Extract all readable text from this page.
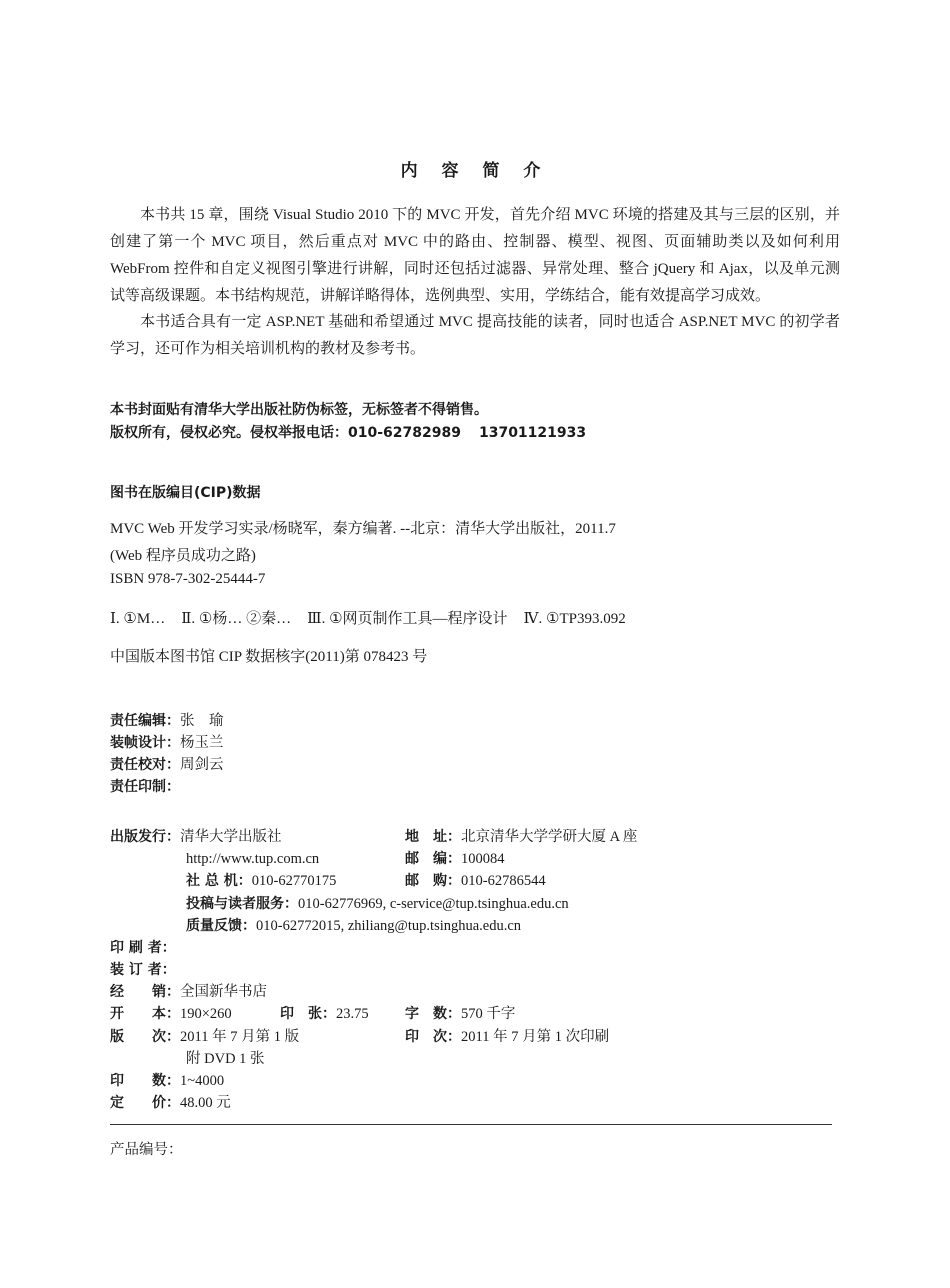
内 容 简 介

本书共 15 章，围绕 Visual Studio 2010 下的 MVC 开发，首先介绍 MVC 环境的搭建及其与三层的区别，并创建了第一个 MVC 项目，然后重点对 MVC 中的路由、控制器、模型、视图、页面辅助类以及如何利用 WebFrom 控件和自定义视图引擎进行讲解，同时还包括过滤器、异常处理、整合 jQuery 和 Ajax，以及单元测试等高级课题。本书结构规范，讲解详略得体，选例典型、实用，学练结合，能有效提高学习成效。

本书适合具有一定 ASP.NET 基础和希望通过 MVC 提高技能的读者，同时也适合 ASP.NET MVC 的初学者学习，还可作为相关培训机构的教材及参考书。

本书封面贴有清华大学出版社防伪标签，无标签者不得销售。
版权所有，侵权必究。侵权举报电话：010-62782989 13701121933
图书在版编目(CIP)数据
MVC Web 开发学习实录/杨晓军，秦方编著. --北京：清华大学出版社，2011.7
(Web 程序员成功之路)
ISBN 978-7-302-25444-7
Ⅰ. ①M… Ⅱ. ①杨… ②秦… Ⅲ. ①网页制作工具—程序设计 Ⅳ. ①TP393.092
中国版本图书馆 CIP 数据核字(2011)第 078423 号
责任编辑：张　瑜
装帧设计：杨玉兰
责任校对：周剑云
责任印制：
出版发行：清华大学出版社	地　址：北京清华大学学研大厦 A 座
http://www.tup.com.cn	邮　编：100084
社 总 机：010-62770175	邮　购：010-62786544
投稿与读者服务：010-62776969, c-service@tup.tsinghua.edu.cn
质量反馈：010-62772015, zhiliang@tup.tsinghua.edu.cn
印 刷 者：
装 订 者：
经　　销：全国新华书店
开　　本：190×260	印　张：23.75	字　数：570 千字
版　　次：2011 年 7 月第 1 版	印　次：2011 年 7 月第 1 次印刷
附 DVD 1 张
印　　数：1~4000
定　　价：48.00 元
产品编号：
